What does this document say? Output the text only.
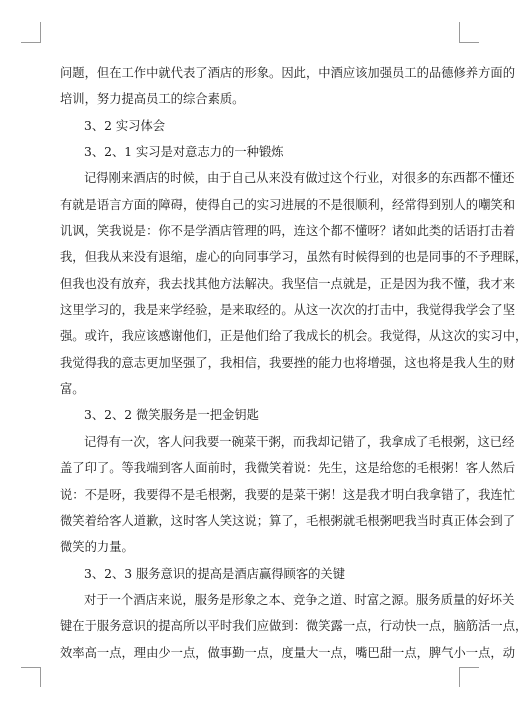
问题，但在工作中就代表了酒店的形象。因此，中酒应该加强员工的品德修养方面的
培训，努力提高员工的综合素质。
3、2 实习体会
3、2、1 实习是对意志力的一种锻炼
记得刚来酒店的时候，由于自己从来没有做过这个行业，对很多的东西都不懂还
有就是语言方面的障碍，使得自己的实习进展的不是很顺利，经常得到别人的嘲笑和
讥讽，笑我说是：你不是学酒店管理的吗，连这个都不懂呀？诸如此类的话语打击着
我，但我从来没有退缩，虚心的向同事学习，虽然有时候得到的也是同事的不予理睬，
但我也没有放弃，我去找其他方法解决。我坚信一点就是，正是因为我不懂，我才来
这里学习的，我是来学经验，是来取经的。从这一次次的打击中，我觉得我学会了坚
强。或许，我应该感谢他们，正是他们给了我成长的机会。我觉得，从这次的实习中，
我觉得我的意志更加坚强了，我相信，我要挫的能力也将增强，这也将是我人生的财
富。
3、2、2 微笑服务是一把金钥匙
记得有一次，客人问我要一碗菜干粥，而我却记错了，我拿成了毛根粥，这已经
盖了印了。等我端到客人面前时，我微笑着说：先生，这是给您的毛根粥！客人然后
说：不是呀，我要得不是毛根粥，我要的是菜干粥！这是我才明白我拿错了，我连忙
微笑着给客人道歉，这时客人笑这说；算了，毛根粥就毛根粥吧我当时真正体会到了
微笑的力量。
3、2、3 服务意识的提高是酒店赢得顾客的关键
对于一个酒店来说，服务是形象之本、竞争之道、时富之源。服务质量的好坏关
键在于服务意识的提高所以平时我们应做到：微笑露一点，行动快一点，脑筋活一点，
效率高一点，理由少一点，做事勤一点，度量大一点，嘴巴甜一点，脾气小一点，动
